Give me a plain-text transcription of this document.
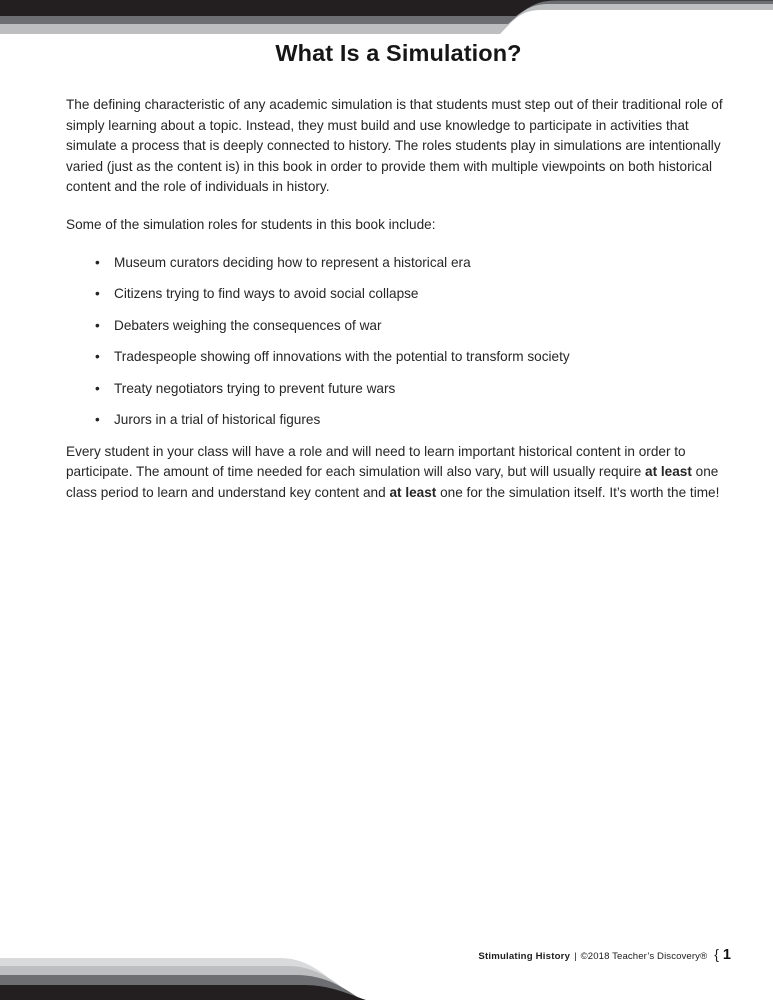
What Is a Simulation?

The defining characteristic of any academic simulation is that students must step out of their traditional role of simply learning about a topic. Instead, they must build and use knowledge to participate in activities that simulate a process that is deeply connected to history. The roles students play in simulations are intentionally varied (just as the content is) in this book in order to provide them with multiple viewpoints on both historical content and the role of individuals in history.

Some of the simulation roles for students in this book include:

• Museum curators deciding how to represent a historical era
• Citizens trying to find ways to avoid social collapse
• Debaters weighing the consequences of war
• Tradespeople showing off innovations with the potential to transform society
• Treaty negotiators trying to prevent future wars
• Jurors in a trial of historical figures

Every student in your class will have a role and will need to learn important historical content in order to participate. The amount of time needed for each simulation will also vary, but will usually require at least one class period to learn and understand key content and at least one for the simulation itself. It’s worth the time!

Stimulating History | ©2018 Teacher’s Discovery® { 1
